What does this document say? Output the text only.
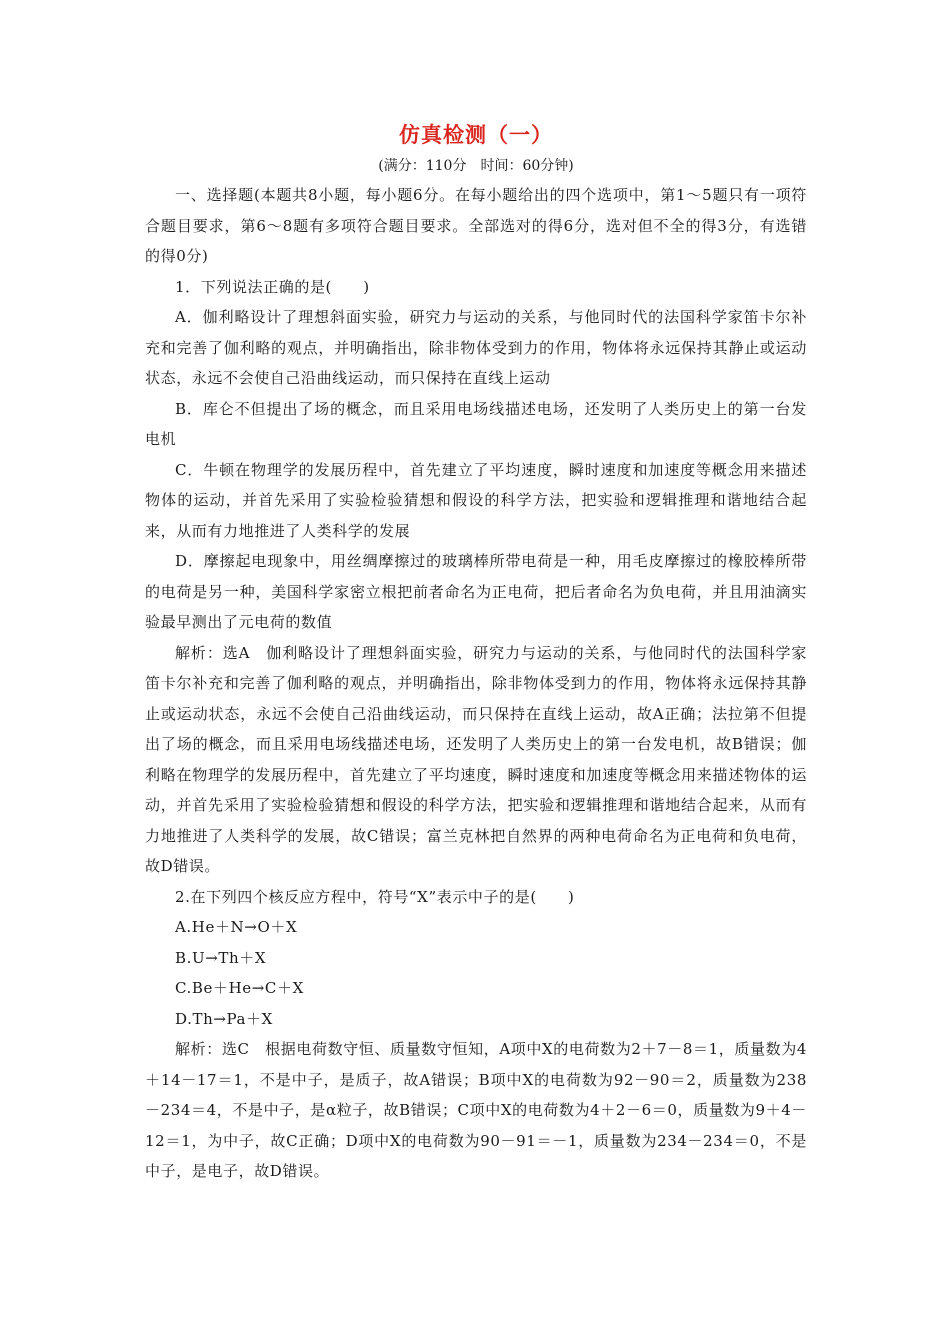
仿真检测（一）

(满分：110分　时间：60分钟)

一、选择题(本题共8小题，每小题6分。在每小题给出的四个选项中，第1～5题只有一项符合题目要求，第6～8题有多项符合题目要求。全部选对的得6分，选对但不全的得3分，有选错的得0分)

1．下列说法正确的是(　　)

A．伽利略设计了理想斜面实验，研究力与运动的关系，与他同时代的法国科学家笛卡尔补充和完善了伽利略的观点，并明确指出，除非物体受到力的作用，物体将永远保持其静止或运动状态，永远不会使自己沿曲线运动，而只保持在直线上运动

B．库仑不但提出了场的概念，而且采用电场线描述电场，还发明了人类历史上的第一台发电机

C．牛顿在物理学的发展历程中，首先建立了平均速度，瞬时速度和加速度等概念用来描述物体的运动，并首先采用了实验检验猜想和假设的科学方法，把实验和逻辑推理和谐地结合起来，从而有力地推进了人类科学的发展

D．摩擦起电现象中，用丝绸摩擦过的玻璃棒所带电荷是一种，用毛皮摩擦过的橡胶棒所带的电荷是另一种，美国科学家密立根把前者命名为正电荷，把后者命名为负电荷，并且用油滴实验最早测出了元电荷的数值

解析：选A　伽利略设计了理想斜面实验，研究力与运动的关系，与他同时代的法国科学家笛卡尔补充和完善了伽利略的观点，并明确指出，除非物体受到力的作用，物体将永远保持其静止或运动状态，永远不会使自己沿曲线运动，而只保持在直线上运动，故A正确；法拉第不但提出了场的概念，而且采用电场线描述电场，还发明了人类历史上的第一台发电机，故B错误；伽利略在物理学的发展历程中，首先建立了平均速度，瞬时速度和加速度等概念用来描述物体的运动，并首先采用了实验检验猜想和假设的科学方法，把实验和逻辑推理和谐地结合起来，从而有力地推进了人类科学的发展，故C错误；富兰克林把自然界的两种电荷命名为正电荷和负电荷，故D错误。

2.在下列四个核反应方程中，符号“X”表示中子的是(　　)

A.He＋N→O＋X

B.U→Th＋X

C.Be＋He→C＋X

D.Th→Pa＋X

解析：选C　根据电荷数守恒、质量数守恒知，A项中X的电荷数为2＋7－8＝1，质量数为4＋14－17＝1，不是中子，是质子，故A错误；B项中X的电荷数为92－90＝2，质量数为238－234＝4，不是中子，是α粒子，故B错误；C项中X的电荷数为4＋2－6＝0，质量数为9＋4－12＝1，为中子，故C正确；D项中X的电荷数为90－91＝－1，质量数为234－234＝0，不是中子，是电子，故D错误。
